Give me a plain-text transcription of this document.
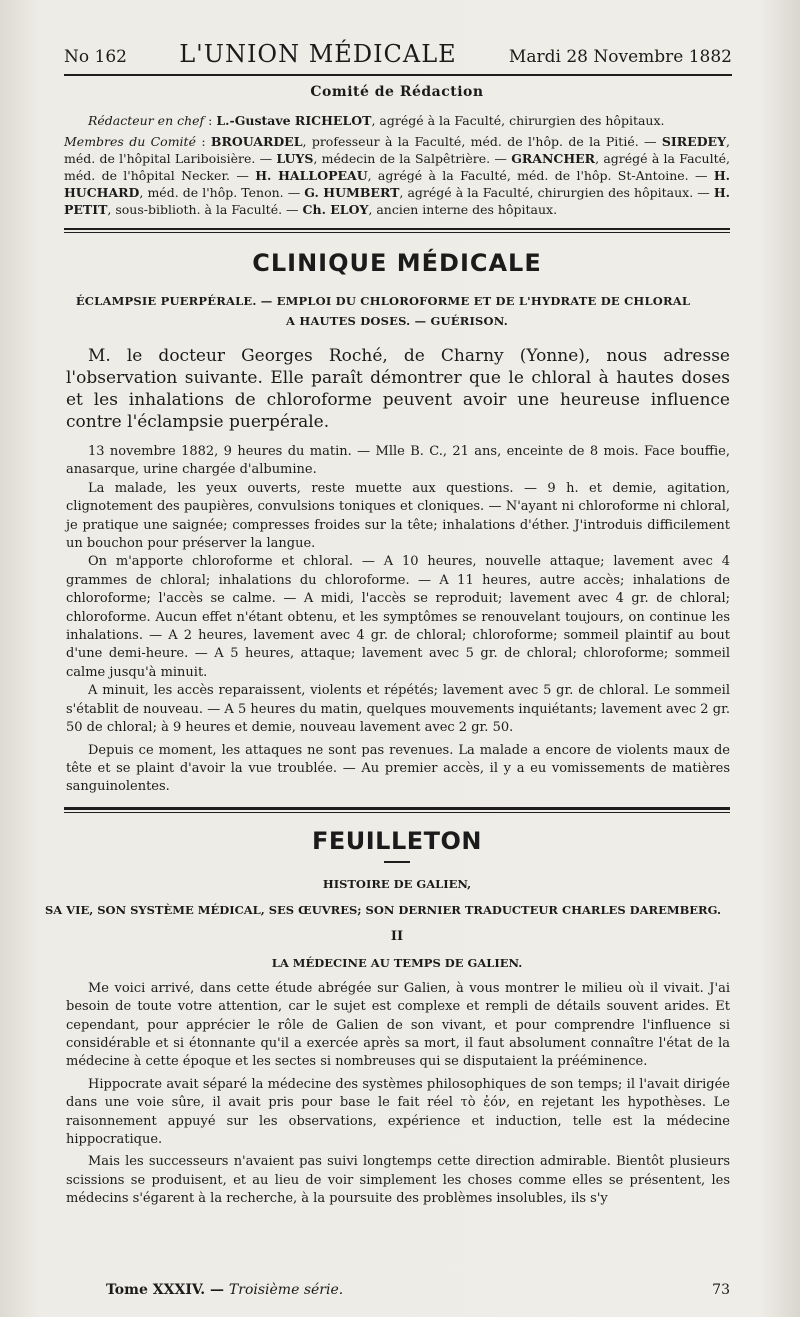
No 162 L'UNION MÉDICALE	Mardi 28 Novembre 1882
Comité de Rédaction

Rédacteur en chef : L.-Gustave RICHELOT, agrégé à la Faculté, chirurgien des hôpitaux.

Membres du Comité : BROUARDEL, professeur à la Faculté, méd. de l'hôp. de la Pitié. — SIREDEY, méd. de l'hôpital Lariboisière. — LUYS, médecin de la Salpêtrière. — GRANCHER, agrégé à la Faculté, méd. de l'hôpital Necker. — H. HALLOPEAU, agrégé à la Faculté, méd. de l'hôp. St-Antoine. — H. HUCHARD, méd. de l'hôp. Tenon. — G. HUMBERT, agrégé à la Faculté, chirurgien des hôpitaux. — H. PETIT, sous-biblioth. à la Faculté. — Ch. ELOY, ancien interne des hôpitaux.

CLINIQUE MÉDICALE
ÉCLAMPSIE PUERPÉRALE. — EMPLOI DU CHLOROFORME ET DE L'HYDRATE DE CHLORAL
A HAUTES DOSES. — GUÉRISON.

M. le docteur Georges Roché, de Charny (Yonne), nous adresse l'observation suivante. Elle paraît démontrer que le chloral à hautes doses et les inhalations de chloroforme peuvent avoir une heureuse influence contre l'éclampsie puerpérale.

13 novembre 1882, 9 heures du matin. — Mlle B. C., 21 ans, enceinte de 8 mois. Face bouffie, anasarque, urine chargée d'albumine.

La malade, les yeux ouverts, reste muette aux questions. — 9 h. et demie, agitation, clignotement des paupières, convulsions toniques et cloniques. — N'ayant ni chloroforme ni chloral, je pratique une saignée; compresses froides sur la tête; inhalations d'éther. J'introduis difficilement un bouchon pour préserver la langue.

On m'apporte chloroforme et chloral. — A 10 heures, nouvelle attaque; lavement avec 4 grammes de chloral; inhalations du chloroforme. — A 11 heures, autre accès; inhalations de chloroforme; l'accès se calme. — A midi, l'accès se reproduit; lavement avec 4 gr. de chloral; chloroforme. Aucun effet n'étant obtenu, et les symptômes se renouvelant toujours, on continue les inhalations. — A 2 heures, lavement avec 4 gr. de chloral; chloroforme; sommeil plaintif au bout d'une demi-heure. — A 5 heures, attaque; lavement avec 5 gr. de chloral; chloroforme; sommeil calme jusqu'à minuit.

A minuit, les accès reparaissent, violents et répétés; lavement avec 5 gr. de chloral. Le sommeil s'établit de nouveau. — A 5 heures du matin, quelques mouvements inquiétants; lavement avec 2 gr. 50 de chloral; à 9 heures et demie, nouveau lavement avec 2 gr. 50.

Depuis ce moment, les attaques ne sont pas revenues. La malade a encore de violents maux de tête et se plaint d'avoir la vue troublée. — Au premier accès, il y a eu vomissements de matières sanguinolentes.

FEUILLETON
HISTOIRE DE GALIEN,
SA VIE, SON SYSTÈME MÉDICAL, SES ŒUVRES; SON DERNIER TRADUCTEUR CHARLES DAREMBERG.
II
LA MÉDECINE AU TEMPS DE GALIEN.

Me voici arrivé, dans cette étude abrégée sur Galien, à vous montrer le milieu où il vivait. J'ai besoin de toute votre attention, car le sujet est complexe et rempli de détails souvent arides. Et cependant, pour apprécier le rôle de Galien de son vivant, et pour comprendre l'influence si considérable et si étonnante qu'il a exercée après sa mort, il faut absolument connaître l'état de la médecine à cette époque et les sectes si nombreuses qui se disputaient la prééminence.

Hippocrate avait séparé la médecine des systèmes philosophiques de son temps; il l'avait dirigée dans une voie sûre, il avait pris pour base le fait réel τὸ ἐόν, en rejetant les hypothèses. Le raisonnement appuyé sur les observations, expérience et induction, telle est la médecine hippocratique.

Mais les successeurs n'avaient pas suivi longtemps cette direction admirable. Bientôt plusieurs scissions se produisent, et au lieu de voir simplement les choses comme elles se présentent, les médecins s'égarent à la recherche, à la poursuite des problèmes insolubles, ils s'y

Tome XXXIV. — Troisième série.	73
